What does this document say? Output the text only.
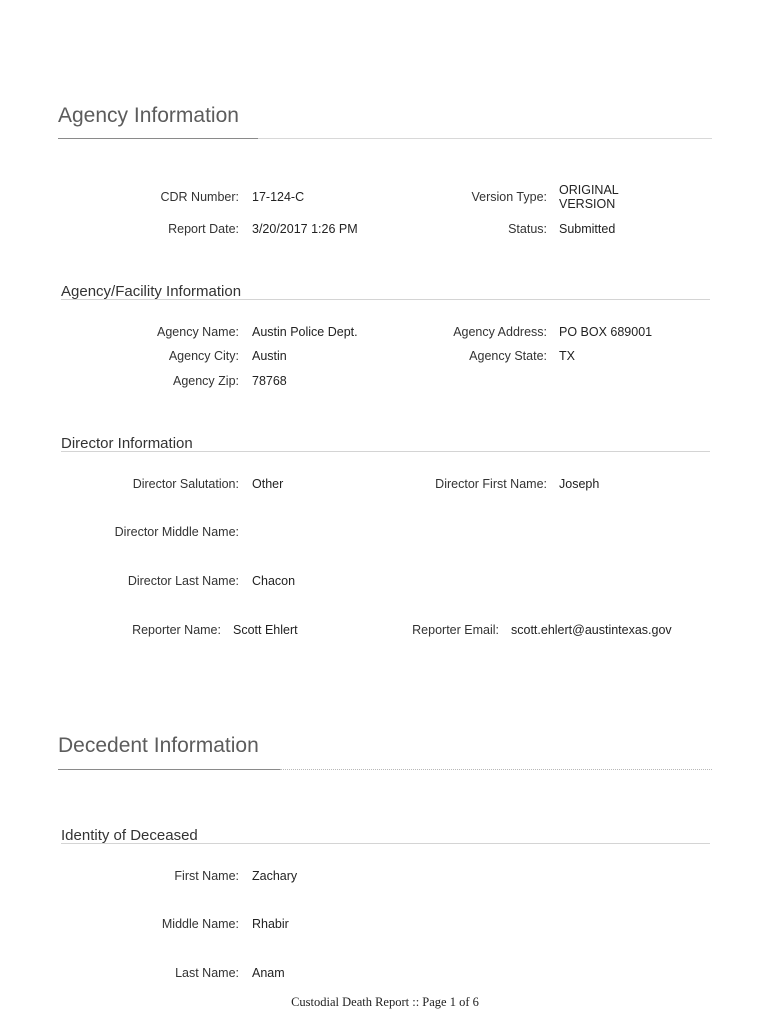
Agency Information
CDR Number: 17-124-C	Version Type: ORIGINAL
VERSION
Report Date: 3/20/2017 1:26 PM	Status: Submitted
Agency/Facility Information
Agency Name: Austin Police Dept.	Agency Address: PO BOX 689001
Agency City: Austin	Agency State: TX
Agency Zip: 78768
Director Information
Director Salutation: Other	Director First Name: Joseph
Director Middle Name:
Director Last Name: Chacon
Reporter Name: Scott Ehlert	Reporter Email: scott.ehlert@austintexas.gov
Decedent Information
Identity of Deceased
First Name: Zachary
Middle Name: Rhabir
Last Name: Anam
Custodial Death Report :: Page 1 of 6
